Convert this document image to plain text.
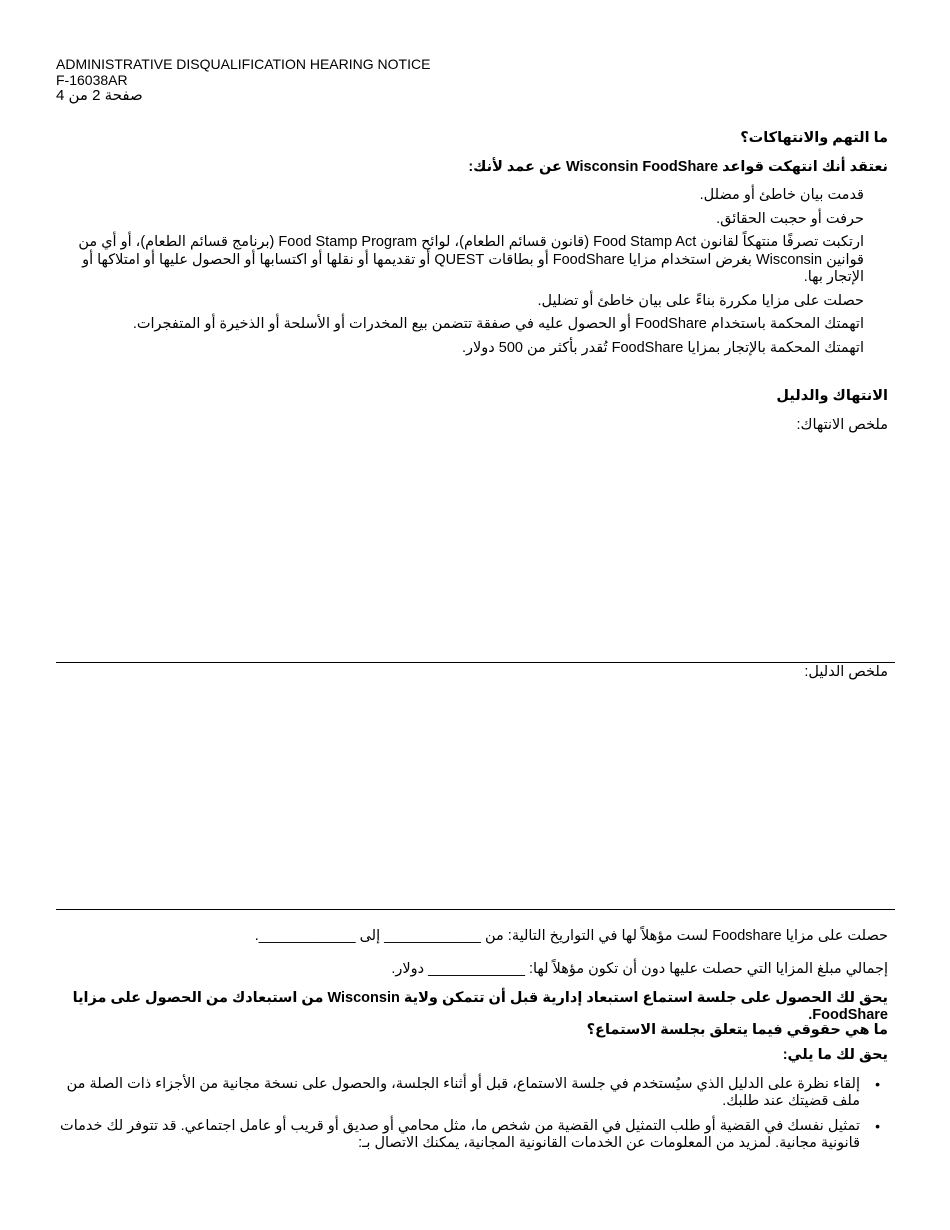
ADMINISTRATIVE DISQUALIFICATION HEARING NOTICE
F-16038AR
صفحة 2 من 4
ما التهم والانتهاكات؟
نعتقد أنك انتهكت قواعد Wisconsin FoodShare عن عمد لأنك:
قدمت بيان خاطئ أو مضلل.
حرفت أو حجبت الحقائق.
ارتكبت تصرفًا منتهكاً لقانون Food Stamp Act (قانون قسائم الطعام)، لوائح Food Stamp Program (برنامج قسائم الطعام)، أو أي من قوانين Wisconsin بغرض استخدام مزايا FoodShare أو بطاقات QUEST أو تقديمها أو نقلها أو اكتسابها أو الحصول عليها أو امتلاكها أو الإتجار بها.
حصلت على مزايا مكررة بناءً على بيان خاطئ أو تضليل.
اتهمتك المحكمة باستخدام FoodShare أو الحصول عليه في صفقة تتضمن بيع المخدرات أو الأسلحة أو الذخيرة أو المتفجرات.
اتهمتك المحكمة بالإتجار بمزايا FoodShare تُقدر بأكثر من 500 دولار.
الانتهاك والدليل
ملخص الانتهاك:
ملخص الدليل:
حصلت على مزايا Foodshare لست مؤهلاً لها في التواريخ التالية: من ____________ إلى ____________.
إجمالي مبلغ المزايا التي حصلت عليها دون أن تكون مؤهلاً لها: ____________ دولار.
يحق لك الحصول على جلسة استماع استبعاد إدارية قبل أن تتمكن ولاية Wisconsin من استبعادك من الحصول على مزايا FoodShare.
ما هي حقوقي فيما يتعلق بجلسة الاستماع؟
يحق لك ما يلي:
• إلقاء نظرة على الدليل الذي سيُستخدم في جلسة الاستماع، قبل أو أثناء الجلسة، والحصول على نسخة مجانية من الأجزاء ذات الصلة من ملف قضيتك عند طلبك.
• تمثيل نفسك في القضية أو طلب التمثيل في القضية من شخص ما، مثل محامي أو صديق أو قريب أو عامل اجتماعي. قد تتوفر لك خدمات قانونية مجانية. لمزيد من المعلومات عن الخدمات القانونية المجانية، يمكنك الاتصال بـ:
